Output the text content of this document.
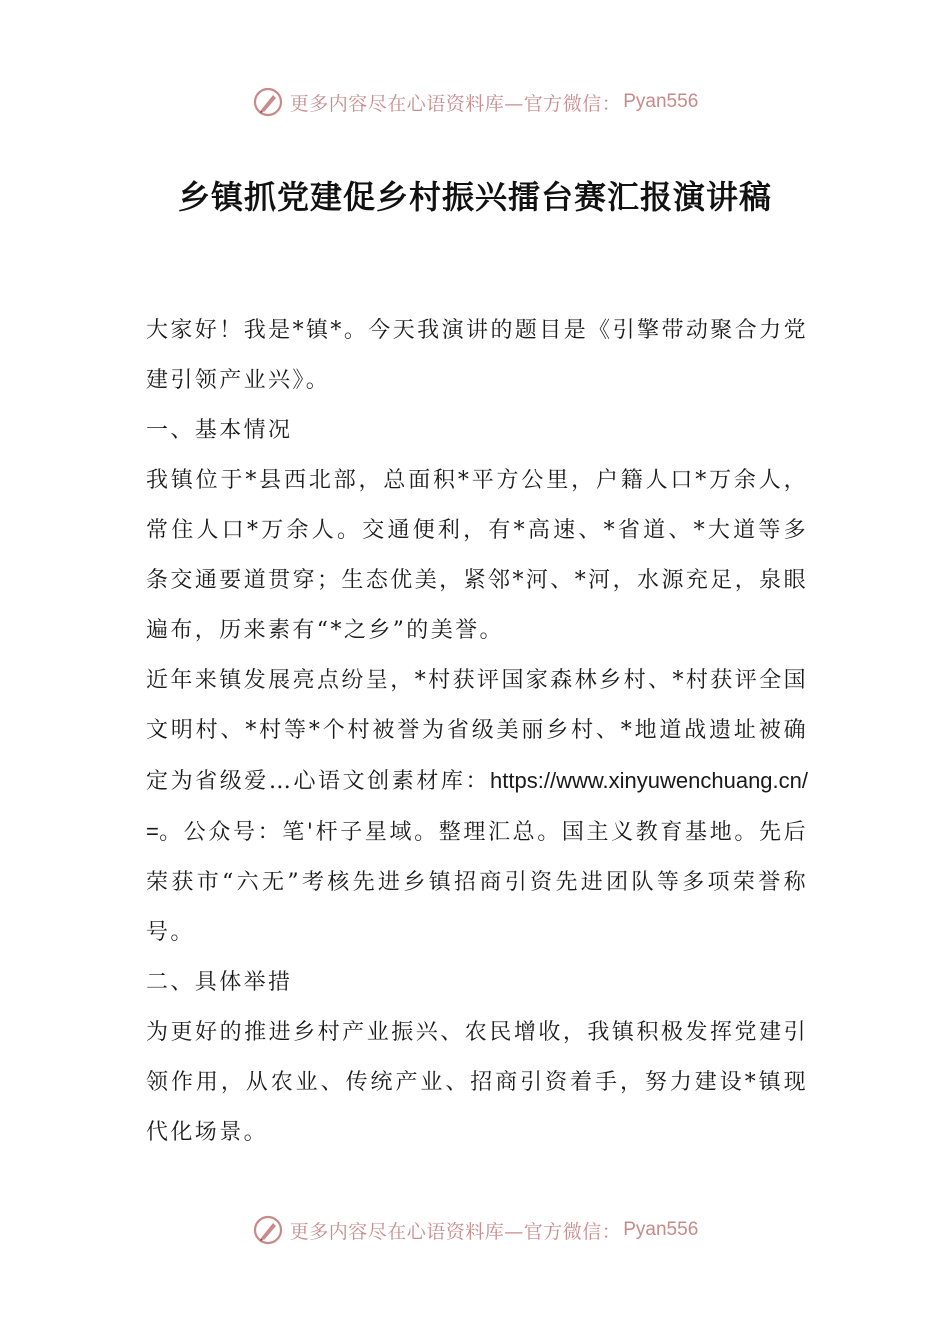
更多内容尽在心语资料库—官方微信： Pyan556
乡镇抓党建促乡村振兴擂台赛汇报演讲稿

大家好！我是*镇*。今天我演讲的题目是《引擎带动聚合力党建引领产业兴》。

一、基本情况

我镇位于*县西北部，总面积*平方公里，户籍人口*万余人，常住人口*万余人。交通便利，有*高速、*省道、*大道等多条交通要道贯穿；生态优美，紧邻*河、*河，水源充足，泉眼遍布，历来素有“*之乡”的美誉。

近年来镇发展亮点纷呈，*村获评国家森林乡村、*村获评全国文明村、*村等*个村被誉为省级美丽乡村、*地道战遗址被确定为省级爱…心语文创素材库：https://www.xinyuwenchuang.cn/=。公众号：笔'杆子星域。整理汇总。国主义教育基地。先后荣获市“六无”考核先进乡镇招商引资先进团队等多项荣誉称号。

二、具体举措

为更好的推进乡村产业振兴、农民增收，我镇积极发挥党建引领作用，从农业、传统产业、招商引资着手，努力建设*镇现代化场景。

更多内容尽在心语资料库—官方微信： Pyan556
